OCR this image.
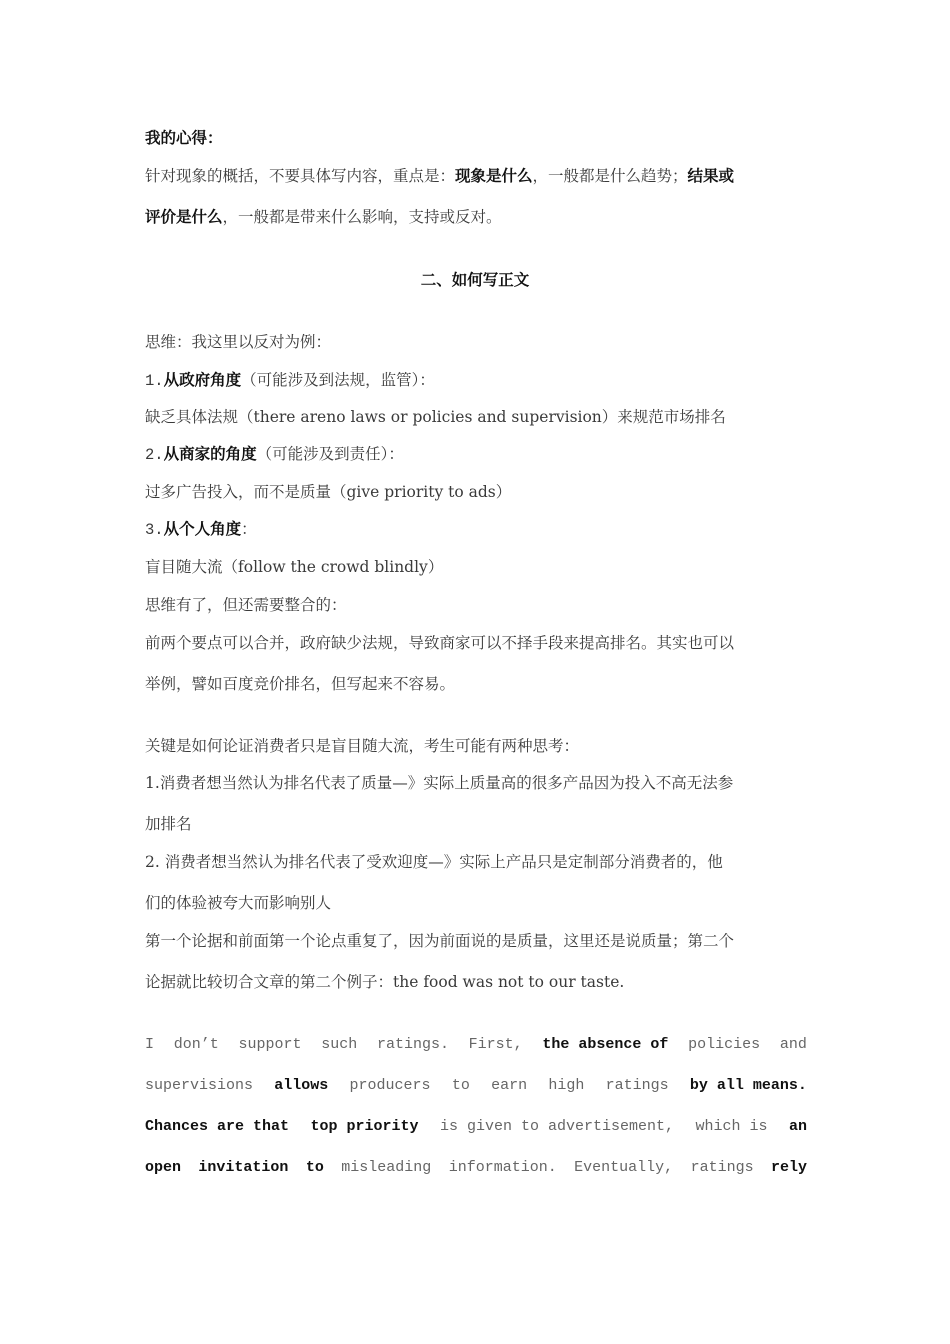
我的心得：
针对现象的概括，不要具体写内容，重点是：现象是什么，一般都是什么趋势；结果或
评价是什么，一般都是带来什么影响，支持或反对。
二、如何写正文
思维：我这里以反对为例：
1.从政府角度（可能涉及到法规，监管）：
缺乏具体法规（there areno laws or policies and supervision）来规范市场排名
2.从商家的角度（可能涉及到责任）：
过多广告投入，而不是质量（give priority to ads）
3.从个人角度：
盲目随大流（follow the crowd blindly）
思维有了，但还需要整合的：
前两个要点可以合并，政府缺少法规，导致商家可以不择手段来提高排名。其实也可以
举例，譬如百度竞价排名，但写起来不容易。
关键是如何论证消费者只是盲目随大流，考生可能有两种思考：
1.消费者想当然认为排名代表了质量—》实际上质量高的很多产品因为投入不高无法参
加排名
2. 消费者想当然认为排名代表了受欢迎度—》实际上产品只是定制部分消费者的，他
们的体验被夸大而影响别人
第一个论据和前面第一个论点重复了，因为前面说的是质量，这里还是说质量；第二个
论据就比较切合文章的第二个例子：the food was not to our taste.
I don’t support such ratings. First, the absence of policies and
supervisions allows producers to earn high ratings by all means.
Chances are that top priority is given to advertisement, which is an
open invitation to misleading information. Eventually, ratings rely
